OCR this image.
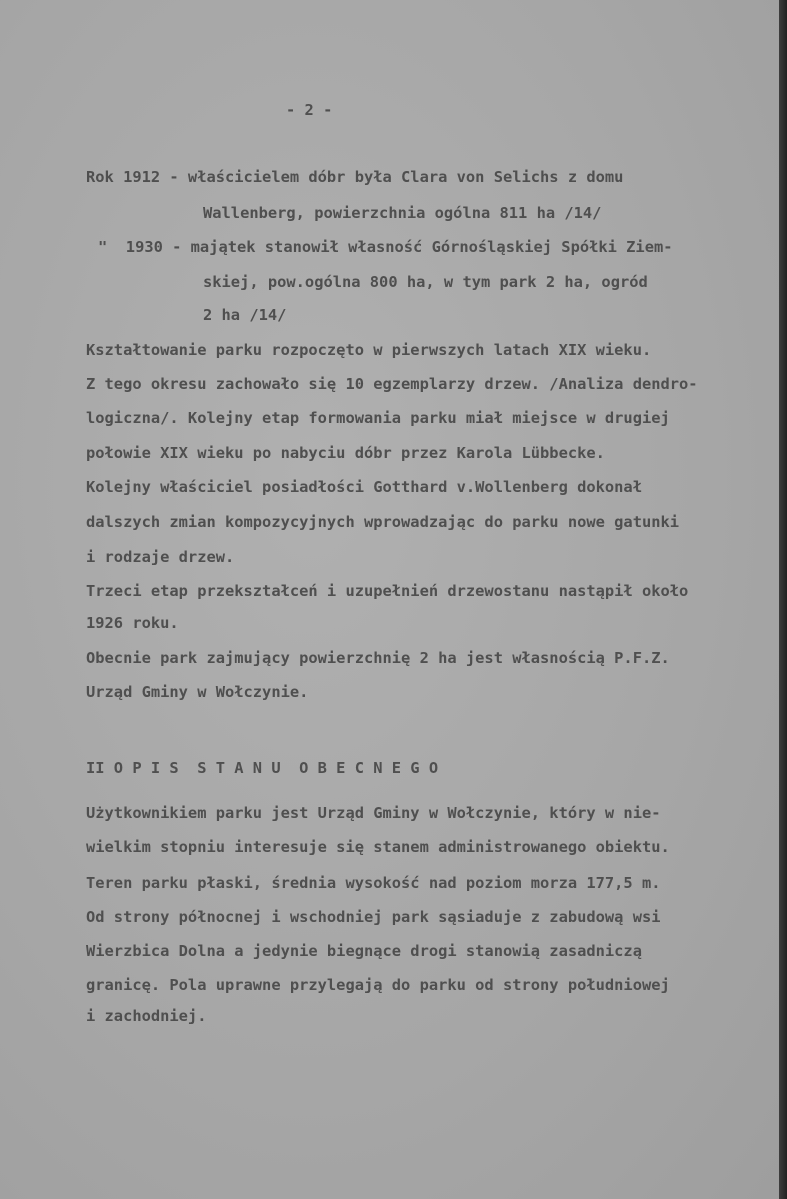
- 2 -
Rok 1912 - właścicielem dóbr była Clara von Selichs z domu
Wallenberg, powierzchnia ogólna 811 ha /14/
"  1930 - majątek stanowił własność Górnośląskiej Spółki Ziem-
skiej, pow.ogólna 800 ha, w tym park 2 ha, ogród
2 ha /14/
Kształtowanie parku rozpoczęto w pierwszych latach XIX wieku.
Z tego okresu zachowało się 10 egzemplarzy drzew. /Analiza dendro-
logiczna/. Kolejny etap formowania parku miał miejsce w drugiej
połowie XIX wieku po nabyciu dóbr przez Karola Lübbecke.
Kolejny właściciel posiadłości Gotthard v.Wollenberg dokonał
dalszych zmian kompozycyjnych wprowadzając do parku nowe gatunki
i rodzaje drzew.
Trzeci etap przekształceń i uzupełnień drzewostanu nastąpił około
1926 roku.
Obecnie park zajmujący powierzchnię 2 ha jest własnością P.F.Z.
Urząd Gminy w Wołczynie.
II O P I S  S T A N U  O B E C N E G O
Użytkownikiem parku jest Urząd Gminy w Wołczynie, który w nie-
wielkim stopniu interesuje się stanem administrowanego obiektu.
Teren parku płaski, średnia wysokość nad poziom morza 177,5 m.
Od strony północnej i wschodniej park sąsiaduje z zabudową wsi
Wierzbica Dolna a jedynie biegnące drogi stanowią zasadniczą
granicę. Pola uprawne przylegają do parku od strony południowej
i zachodniej.
